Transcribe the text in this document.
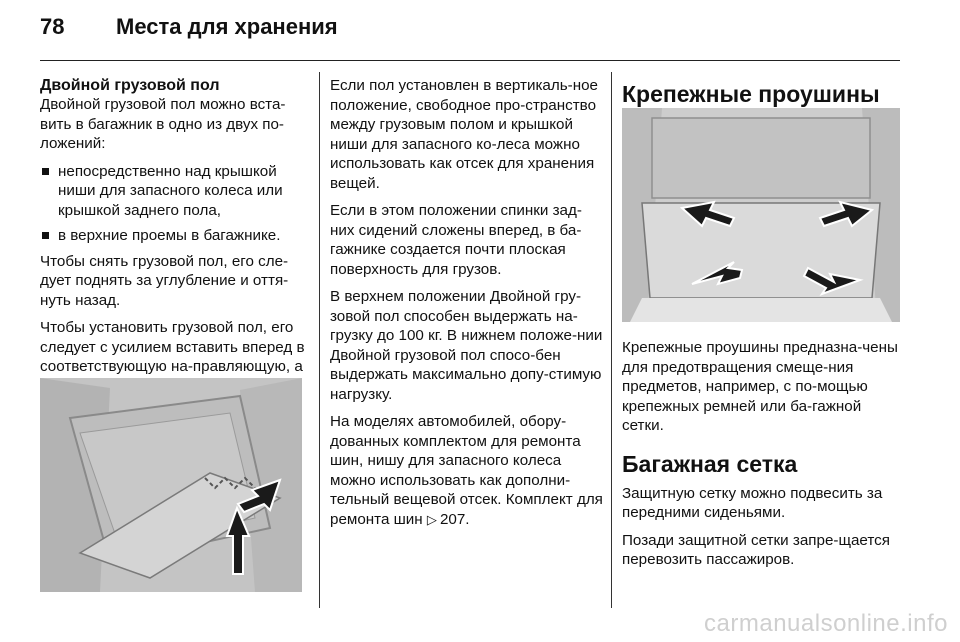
78 Места для хранения
Двойной грузовой пол

Двойной грузовой пол можно вста-вить в багажник в одно из двух по-ложений:

непосредственно над крышкой ниши для запасного колеса или крышкой заднего пола,
в верхние проемы в багажнике.

Чтобы снять грузовой пол, его сле-дует поднять за углубление и оття-нуть назад.

Чтобы установить грузовой пол, его следует с усилием вставить вперед в соответствующую на-правляющую, а

Если пол установлен в вертикаль-ное положение, свободное про-странство между грузовым полом и крышкой ниши для запасного ко-леса можно использовать как отсек для хранения вещей.

Если в этом положении спинки зад-них сидений сложены вперед, в ба-гажнике создается почти плоская поверхность для грузов.

В верхнем положении Двойной гру-зовой пол способен выдержать на-грузку до 100 кг. В нижнем положе-нии Двойной грузовой пол спосо-бен выдержать максимально допу-стимую нагрузку.

На моделях автомобилей, обору-дованных комплектом для ремонта шин, нишу для запасного колеса можно использовать как дополни-тельный вещевой отсек. Комплект для ремонта шин ▷  207.

Крепежные проушины

Крепежные проушины предназна-чены для предотвращения смеще-ния предметов, например, с по-мощью крепежных ремней или ба-гажной сетки.

Багажная сетка

Защитную сетку можно подвесить за передними сиденьями.

Позади защитной сетки запре-щается перевозить пассажиров.

carmanualsonline.info
